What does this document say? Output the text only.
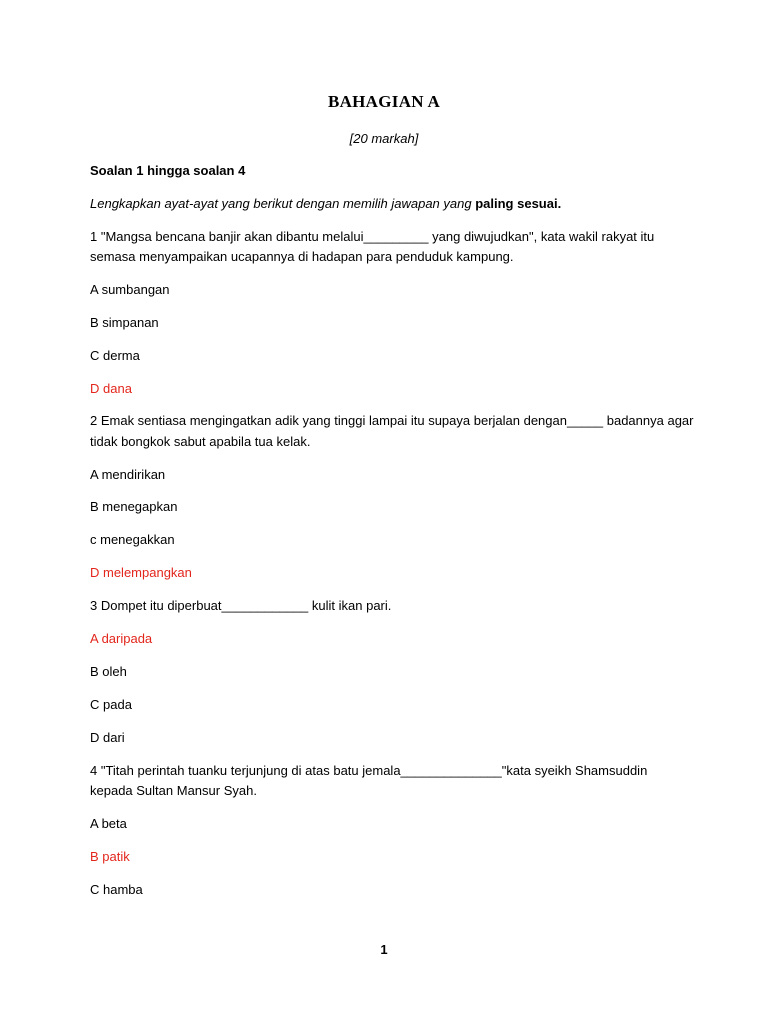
BAHAGIAN A
[20 markah]
Soalan 1 hingga soalan 4
Lengkapkan ayat-ayat yang berikut dengan memilih jawapan yang paling sesuai.
1 "Mangsa bencana banjir akan dibantu melalui_________ yang diwujudkan", kata wakil rakyat itu
semasa menyampaikan ucapannya di hadapan para penduduk kampung.
A sumbangan
B simpanan
C derma
D dana
2 Emak sentiasa mengingatkan adik yang tinggi lampai itu supaya berjalan dengan_____ badannya agar
tidak bongkok sabut apabila tua kelak.
A mendirikan
B menegapkan
c menegakkan
D melempangkan
3 Dompet itu diperbuat____________ kulit ikan pari.
A daripada
B oleh
C pada
D dari
4 "Titah perintah tuanku terjunjung di atas batu jemala______________"kata syeikh Shamsuddin
kepada Sultan Mansur Syah.
A beta
B patik
C hamba
1
